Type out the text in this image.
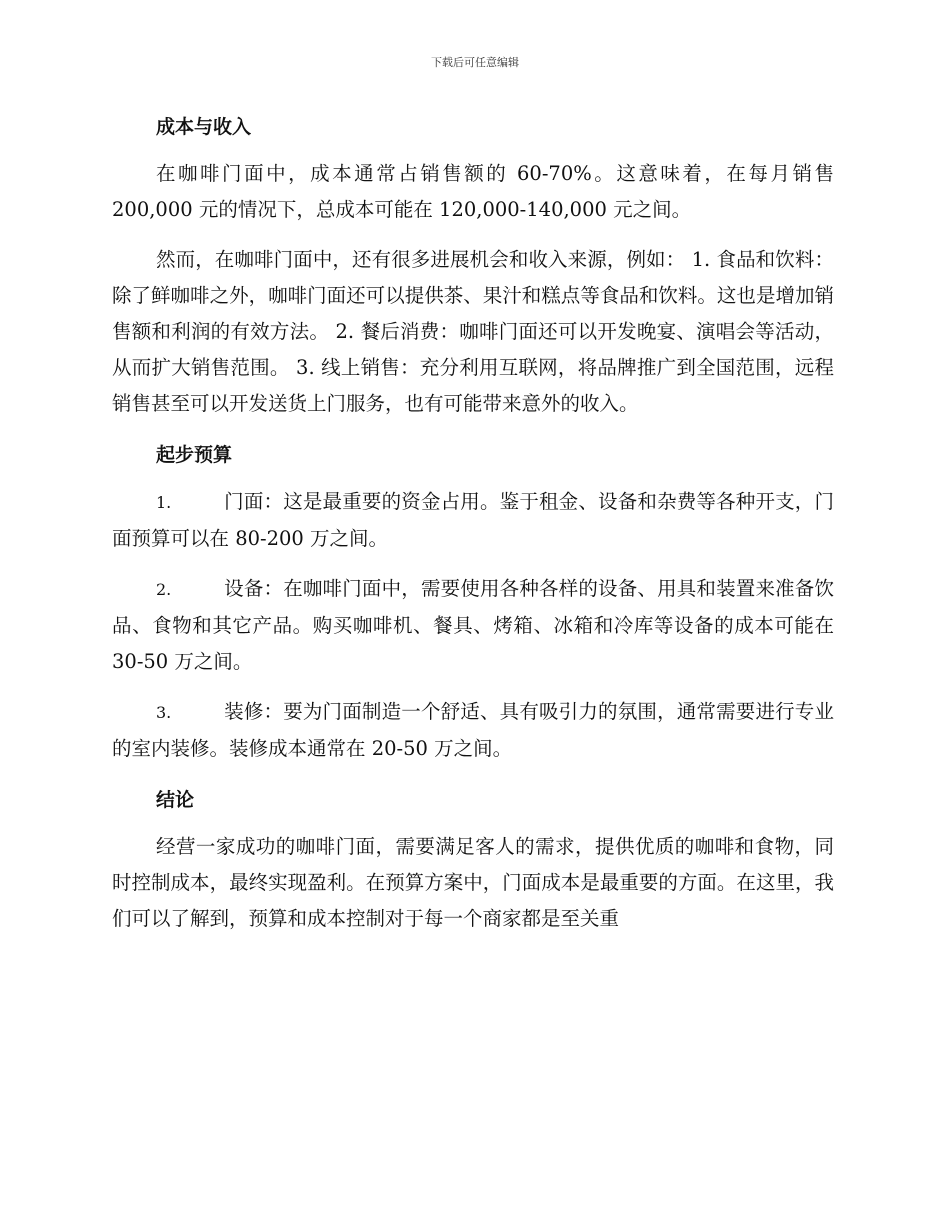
下载后可任意编辑
成本与收入

在咖啡门面中，成本通常占销售额的 60-70%。这意味着，在每月销售 200,000 元的情况下，总成本可能在 120,000-140,000 元之间。

然而，在咖啡门面中，还有很多进展机会和收入来源，例如： 1. 食品和饮料：除了鲜咖啡之外，咖啡门面还可以提供茶、果汁和糕点等食品和饮料。这也是增加销售额和利润的有效方法。 2. 餐后消费：咖啡门面还可以开发晚宴、演唱会等活动，从而扩大销售范围。 3. 线上销售：充分利用互联网，将品牌推广到全国范围，远程销售甚至可以开发送货上门服务，也有可能带来意外的收入。

起步预算

1.	门面：这是最重要的资金占用。鉴于租金、设备和杂费等各种开支，门面预算可以在 80-200 万之间。

2.	设备：在咖啡门面中，需要使用各种各样的设备、用具和装置来准备饮品、食物和其它产品。购买咖啡机、餐具、烤箱、冰箱和冷库等设备的成本可能在 30-50 万之间。

3.	装修：要为门面制造一个舒适、具有吸引力的氛围，通常需要进行专业的室内装修。装修成本通常在 20-50 万之间。

结论

经营一家成功的咖啡门面，需要满足客人的需求，提供优质的咖啡和食物，同时控制成本，最终实现盈利。在预算方案中，门面成本是最重要的方面。在这里，我们可以了解到，预算和成本控制对于每一个商家都是至关重
